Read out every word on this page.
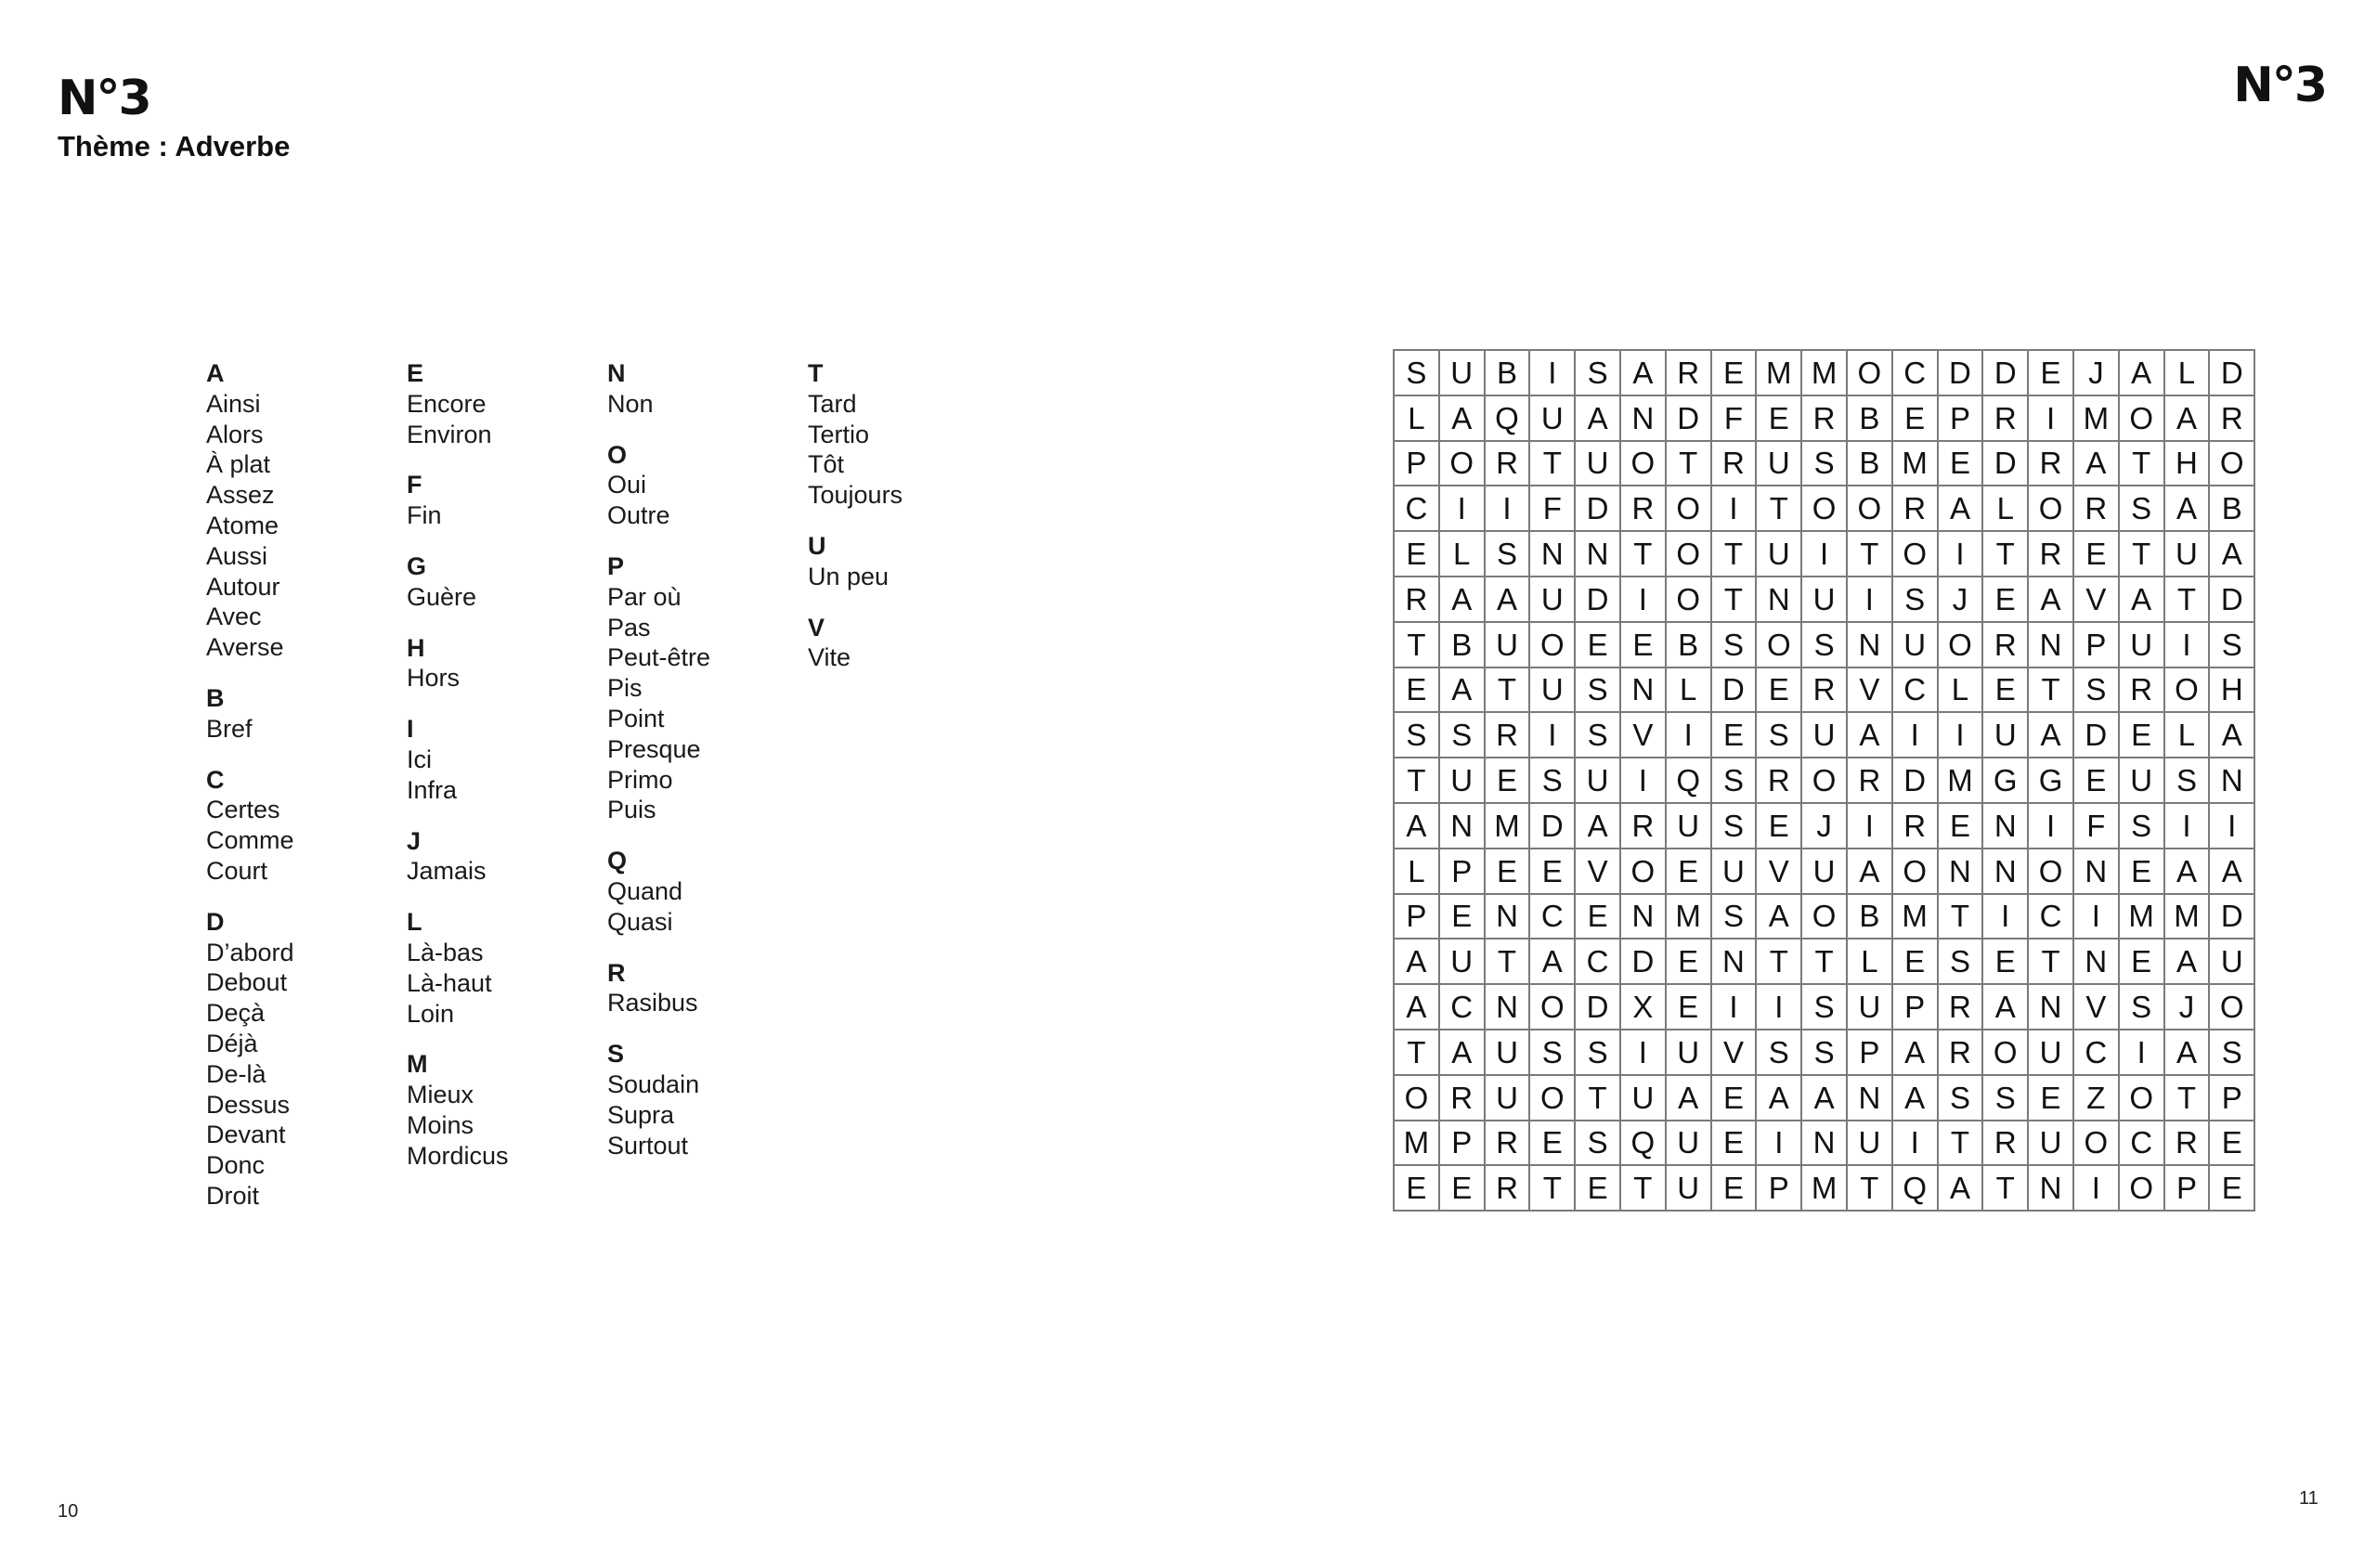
N°3	N°3
Thème : Adverbe
A
Ainsi
Alors
À plat
Assez
Atome
Aussi
Autour
Avec
Averse
B
Bref
C
Certes
Comme
Court
D
D’abord
Debout
Deçà
Déjà
De-là
Dessus
Devant
Donc
Droit
E
Encore
Environ
F
Fin
G
Guère
H
Hors
I
Ici
Infra
J
Jamais
L
Là-bas
Là-haut
Loin
M
Mieux
Moins
Mordicus
N
Non
O
Oui
Outre
P
Par où
Pas
Peut-être
Pis
Point
Presque
Primo
Puis
Q
Quand
Quasi
R
Rasibus
S
Soudain
Supra
Surtout
T
Tard
Tertio
Tôt
Toujours
U
Un peu
V
Vite
S	U	B	I	S	A	R	E	M	M	O	C	D	D	E	J	A	L	D
L	A	Q	U	A	N	D	F	E	R	B	E	P	R	I	M	O	A	R
P	O	R	T	U	O	T	R	U	S	B	M	E	D	R	A	T	H	O
C	I	I	F	D	R	O	I	T	O	O	R	A	L	O	R	S	A	B
E	L	S	N	N	T	O	T	U	I	T	O	I	T	R	E	T	U	A
R	A	A	U	D	I	O	T	N	U	I	S	J	E	A	V	A	T	D
T	B	U	O	E	E	B	S	O	S	N	U	O	R	N	P	U	I	S
E	A	T	U	S	N	L	D	E	R	V	C	L	E	T	S	R	O	H
S	S	R	I	S	V	I	E	S	U	A	I	I	U	A	D	E	L	A
T	U	E	S	U	I	Q	S	R	O	R	D	M	G	G	E	U	S	N
A	N	M	D	A	R	U	S	E	J	I	R	E	N	I	F	S	I	I
L	P	E	E	V	O	E	U	V	U	A	O	N	N	O	N	E	A	A
P	E	N	C	E	N	M	S	A	O	B	M	T	I	C	I	M	M	D
A	U	T	A	C	D	E	N	T	T	L	E	S	E	T	N	E	A	U
A	C	N	O	D	X	E	I	I	S	U	P	R	A	N	V	S	J	O
T	A	U	S	S	I	U	V	S	S	P	A	R	O	U	C	I	A	S
O	R	U	O	T	U	A	E	A	A	N	A	S	S	E	Z	O	T	P
M	P	R	E	S	Q	U	E	I	N	U	I	T	R	U	O	C	R	E
E	E	R	T	E	T	U	E	P	M	T	Q	A	T	N	I	O	P	E
10
11
